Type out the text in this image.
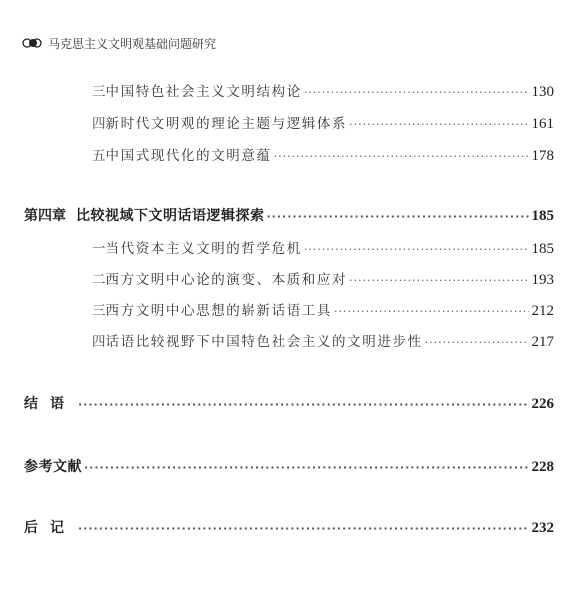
马克思主义文明观基础问题研究
三 中国特色社会主义文明结构论 ·····	130
四 新时代文明观的理论主题与逻辑体系 ·····	161
五 中国式现代化的文明意蕴 ·····	178
第四章 比较视域下文明话语逻辑探索 ·····	185
一 当代资本主义文明的哲学危机 ·····	185
二 西方文明中心论的演变、本质和应对 ·····	193
三 西方文明中心思想的崭新话语工具 ·····	212
四 话语比较视野下中国特色社会主义的文明进步性 ·····	217
结语 ·····	226
参考文献 ·····	228
后记 ·····	232
